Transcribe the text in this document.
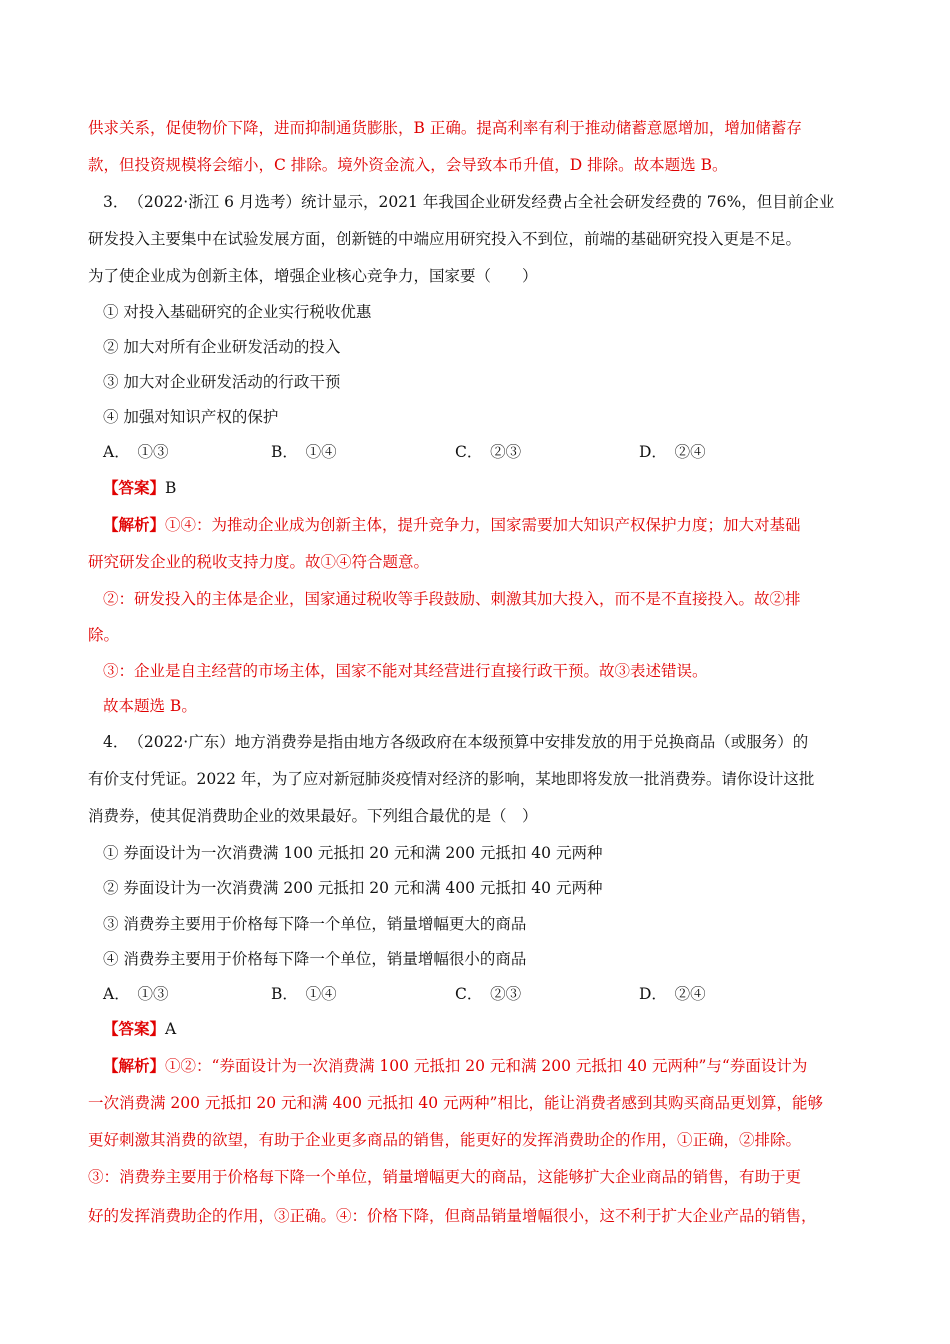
供求关系，促使物价下降，进而抑制通货膨胀，B 正确。提高利率有利于推动储蓄意愿增加，增加储蓄存
款，但投资规模将会缩小，C 排除。境外资金流入，会导致本币升值，D 排除。故本题选 B。
3．　（2022·浙江 6 月选考）统计显示，2021 年我国企业研发经费占全社会研发经费的 76%，但目前企业
研发投入主要集中在试验发展方面，创新链的中端应用研究投入不到位，前端的基础研究投入更是不足。
为了使企业成为创新主体，增强企业核心竞争力，国家要（　　）
① 对投入基础研究的企业实行税收优惠
② 加大对所有企业研发活动的投入
③ 加大对企业研发活动的行政干预
④ 加强对知识产权的保护
A．　①③	B．　①④	C．　②③	D．　②④
【答案】B
【解析】①④：为推动企业成为创新主体，提升竞争力，国家需要加大知识产权保护力度；加大对基础
研究研发企业的税收支持力度。故①④符合题意。
②：研发投入的主体是企业，国家通过税收等手段鼓励、刺激其加大投入，而不是不直接投入。故②排
除。
③：企业是自主经营的市场主体，国家不能对其经营进行直接行政干预。故③表述错误。
故本题选 B。
4．　（2022·广东）地方消费券是指由地方各级政府在本级预算中安排发放的用于兑换商品（或服务）的
有价支付凭证。2022 年，为了应对新冠肺炎疫情对经济的影响，某地即将发放一批消费券。请你设计这批
消费券，使其促消费助企业的效果最好。下列组合最优的是（　）
① 券面设计为一次消费满 100 元抵扣 20 元和满 200 元抵扣 40 元两种
② 券面设计为一次消费满 200 元抵扣 20 元和满 400 元抵扣 40 元两种
③ 消费券主要用于价格每下降一个单位，销量增幅更大的商品
④ 消费券主要用于价格每下降一个单位，销量增幅很小的商品
A．　①③	B．　①④	C．　②③	D．　②④
【答案】A
【解析】①②：“券面设计为一次消费满 100 元抵扣 20 元和满 200 元抵扣 40 元两种”与“券面设计为
一次消费满 200 元抵扣 20 元和满 400 元抵扣 40 元两种”相比，能让消费者感到其购买商品更划算，能够
更好刺激其消费的欲望，有助于企业更多商品的销售，能更好的发挥消费助企的作用，①正确，②排除。
③：消费券主要用于价格每下降一个单位，销量增幅更大的商品，这能够扩大企业商品的销售，有助于更
好的发挥消费助企的作用，③正确。④：价格下降，但商品销量增幅很小，这不利于扩大企业产品的销售，
